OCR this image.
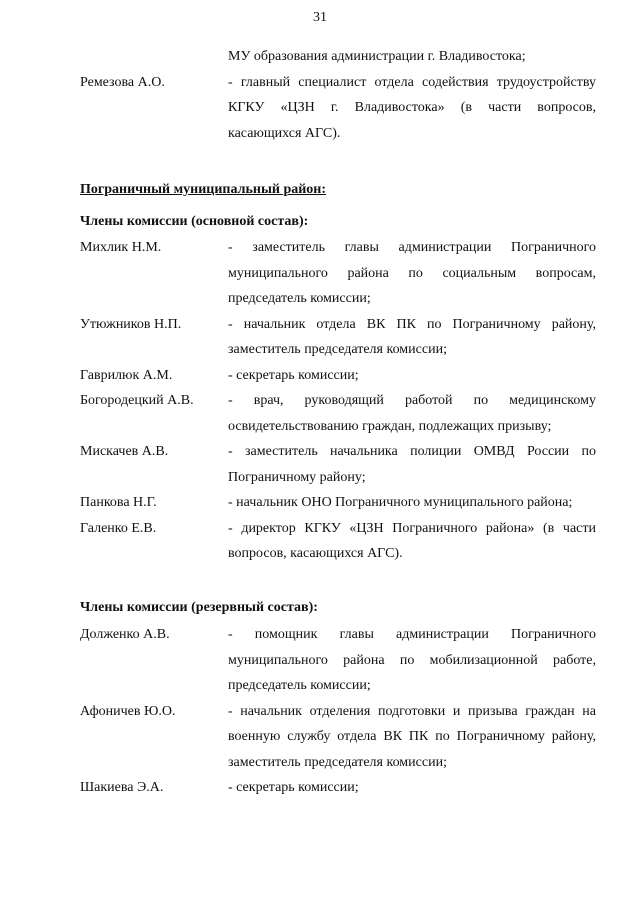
31
МУ образования администрации г. Владивостока;
Ремезова А.О.	- главный специалист отдела содействия трудоустройству КГКУ «ЦЗН г. Владивостока» (в части вопросов, касающихся АГС).
Пограничный муниципальный район:
Члены комиссии (основной состав):
Михлик Н.М.	- заместитель главы администрации Пограничного муниципального района по социальным вопросам, председатель комиссии;
Утюжников Н.П.	- начальник отдела ВК ПК по Пограничному району, заместитель председателя комиссии;
Гаврилюк А.М.	- секретарь комиссии;
Богородецкий А.В.	- врач, руководящий работой по медицинскому освидетельствованию граждан, подлежащих призыву;
Мискачев А.В.	- заместитель начальника полиции ОМВД России по Пограничному району;
Панкова Н.Г.	- начальник ОНО Пограничного муниципального района;
Галенко Е.В.	- директор КГКУ «ЦЗН Пограничного района» (в части вопросов, касающихся АГС).
Члены комиссии (резервный состав):
Долженко А.В.	- помощник главы администрации Пограничного муниципального района по мобилизационной работе, председатель комиссии;
Афоничев Ю.О.	- начальник отделения подготовки и призыва граждан на военную службу отдела ВК ПК по Пограничному району, заместитель председателя комиссии;
Шакиева Э.А.	- секретарь комиссии;
